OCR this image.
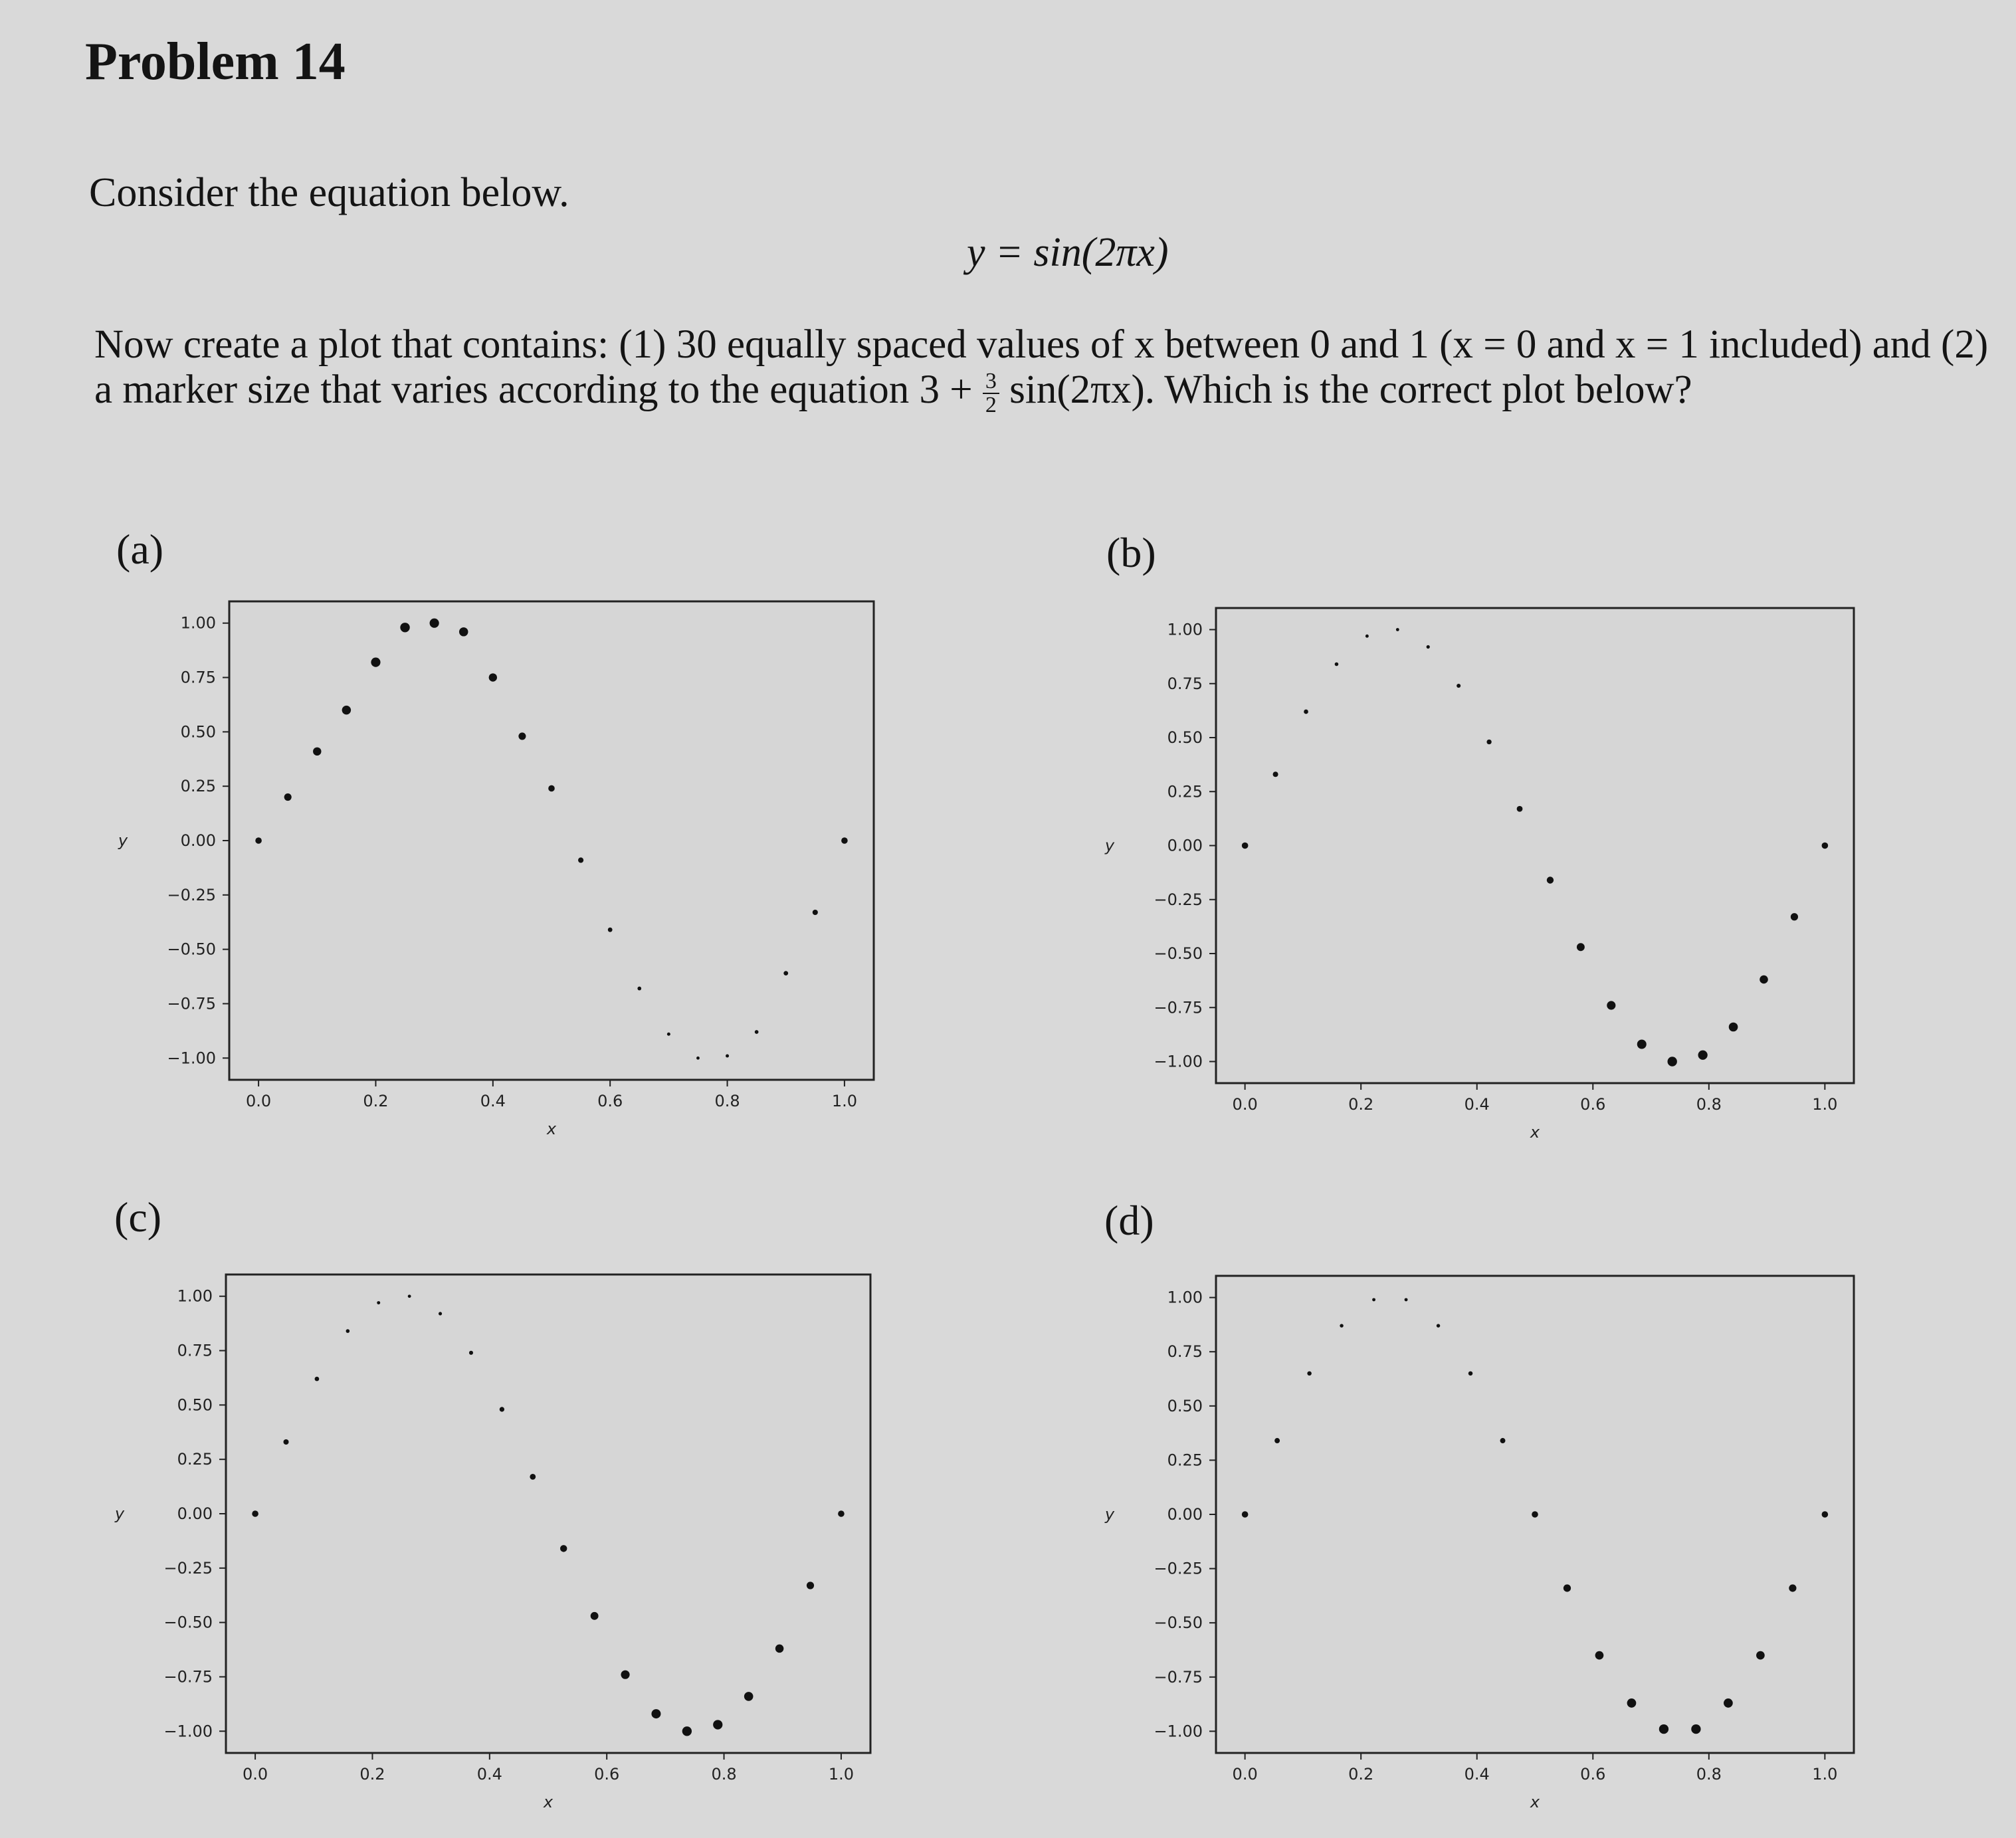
Problem 14
Consider the equation below.
y = sin(2πx)
Now create a plot that contains: (1) 30 equally spaced values of x between 0 and 1 (x = 0 and x = 1 included) and (2) a marker size that varies according to the equation $3 + \frac{3}{2} \sin(2\pi x)$. Which is the correct plot below?
(a)	(b)
(c)	(d)
0.0	0.2	0.4	0.6	0.8	1.0
1.00
0.75
0.50
0.25
0.00
−0.25
−0.50
−0.75
−1.00
x
y
0.0	0.2	0.4	0.6	0.8	1.0
1.00
0.75
0.50
0.25
0.00
−0.25
−0.50
−0.75
−1.00
x
y
0.0	0.2	0.4	0.6	0.8	1.0
1.00
0.75
0.50
0.25
0.00
−0.25
−0.50
−0.75
−1.00
x
y
0.0	0.2	0.4	0.6	0.8	1.0
1.00
0.75
0.50
0.25
0.00
−0.25
−0.50
−0.75
−1.00
x
y
